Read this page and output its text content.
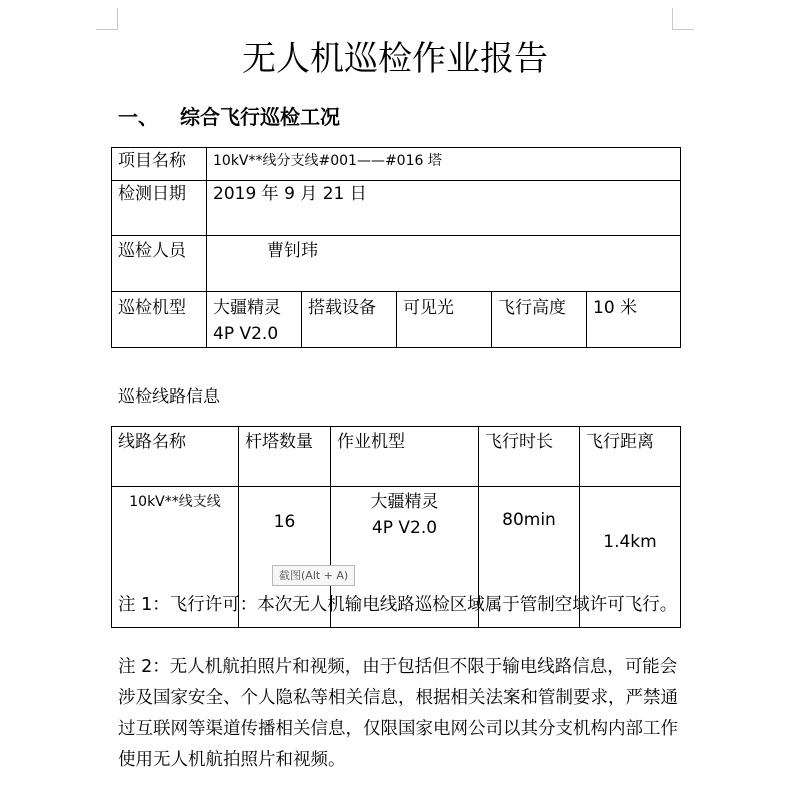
无人机巡检作业报告
一、 综合飞行巡检工况
项目名称	10kV**线分支线#001——#016 塔				
检测日期	2019 年 9 月 21 日				
巡检人员	曹钊玮				
巡检机型	大疆精灵 4P V2.0	搭载设备	可见光	飞行高度	10 米
巡检线路信息
线路名称	杆塔数量	作业机型	飞行时长	飞行距离
10kV**线支线	16	大疆精灵 4P V2.0	80min	1.4km
截图(Alt + A)
注 1：飞行许可：本次无人机输电线路巡检区域属于管制空域许可飞行。
注 2：无人机航拍照片和视频，由于包括但不限于输电线路信息，可能会涉及国家安全、个人隐私等相关信息，根据相关法案和管制要求，严禁通过互联网等渠道传播相关信息，仅限国家电网公司以其分支机构内部工作使用无人机航拍照片和视频。
